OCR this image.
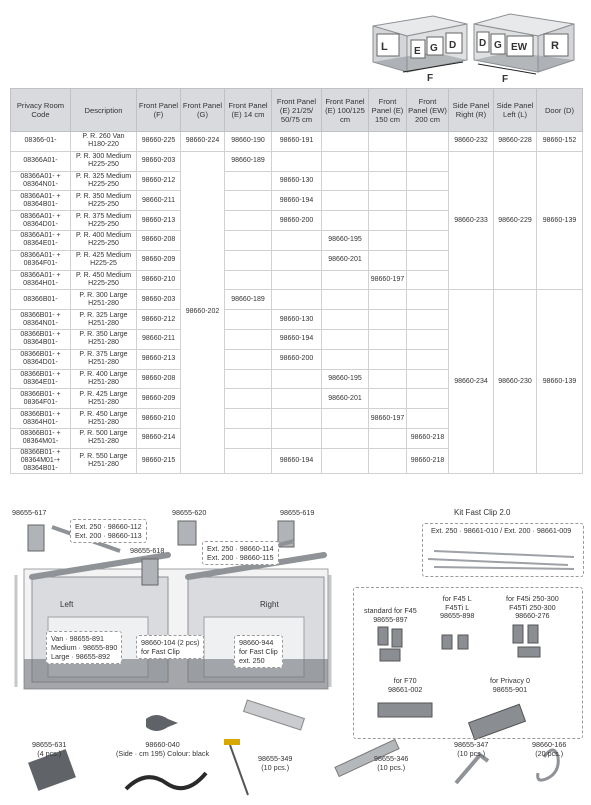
L	E G D
F
D G EW R
F
Privacy Room Code	Description	Front Panel (F)	Front Panel (G)	Front Panel (E) 14 cm	Front Panel (E) 21/25/ 50/75 cm	Front Panel (E) 100/125 cm	Front Panel (E) 150 cm	Front Panel (EW) 200 cm	Side Panel Right (R)	Side Panel Left (L)	Door (D)
08366-01-	P. R. 260 Van H180-220	98660-225	98660-224	98660-190	98660-191				98660-232	98660-228	98660-152
08366A01-	P. R. 300 Medium H225-250	98660-203	98660-202	98660-189					98660-233	98660-229	98660-139
08366A01- + 08364N01-	P. R. 325 Medium H225-250	98660-212			98660-130						
08366A01- + 08364B01-	P. R. 350 Medium H225-250	98660-211			98660-194						
08366A01- + 08364D01-	P. R. 375 Medium H225-250	98660-213			98660-200						
08366A01- + 08364E01-	P. R. 400 Medium H225-250	98660-208				98660-195					
08366A01- + 08364F01-	P. R. 425 Medium H225-25	98660-209				98660-201					
08366A01- + 08364H01-	P. R. 450 Medium H225-250	98660-210					98660-197				
08366B01-	P. R. 300 Large H251-280	98660-203		98660-189					98660-234	98660-230	98660-139
08366B01- + 08364N01-	P. R. 325 Large H251-280	98660-212			98660-130						
08366B01- + 08364B01-	P. R. 350 Large H251-280	98660-211			98660-194						
08366B01- + 08364D01-	P. R. 375 Large H251-280	98660-213			98660-200						
08366B01- + 08364E01-	P. R. 400 Large H251-280	98660-208				98660-195					
08366B01- + 08364F01-	P. R. 425 Large H251-280	98660-209				98660-201					
08366B01- + 08364H01-	P. R. 450 Large H251-280	98660-210					98660-197				
08366B01- + 08364M01-	P. R. 500 Large H251-280	98660-214						98660-218			
08366B01- + 08364M01-+ 08364B01-	P. R. 550 Large H251-280	98660-215			98660-194			98660-218			
98655-617
Ext. 250 · 98660-112
Ext. 200 · 98660-113
98655-620	98655-619
98655-618	Ext. 250 · 98660-114
Ext. 200 · 98660-115
Left	Right
Van · 98655-891
Medium · 98655-890
Large · 98655-892
98660-104 (2 pcs)
for Fast Clip
98660-944
for Fast Clip
ext. 250
Kit Fast Clip 2.0
Ext. 250 · 98661-010 / Ext. 200 · 98661-009
standard for F45
98655-897
for F45 L
F45Ti L
98655-898
for F45i 250-300
F45Ti 250-300
98660-276
for F70
98661-002
for Privacy 0
98655-901
98655-631
(4 pcs.)
98660-040
(Side · cm 195) Colour: black
98655-349
(10 pcs.)
98655-346
(10 pcs.)
98655-347
(10 pcs.)
98660-166
(20 pcs.)
